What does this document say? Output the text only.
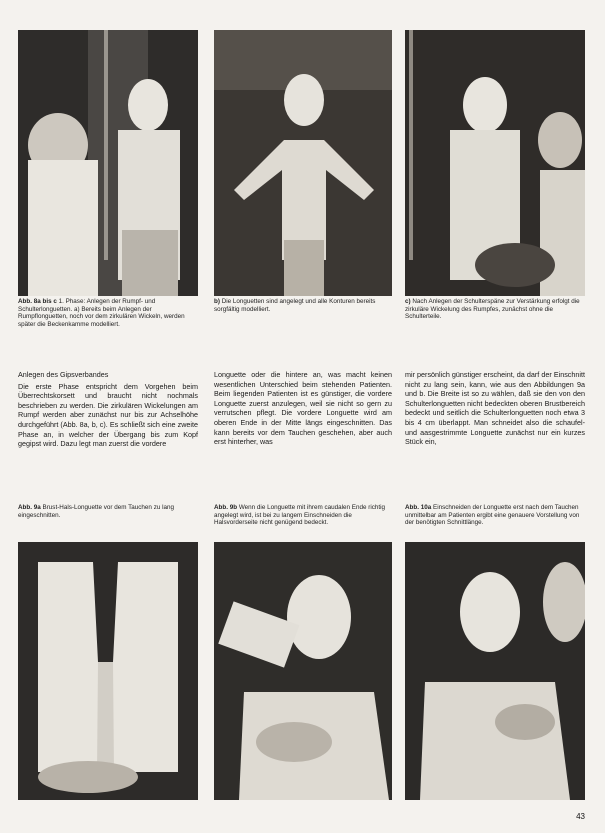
Abb. 8a bis c 1. Phase: Anlegen der Rumpf- und Schulterlonguetten. a) Bereits beim Anlegen der Rumpflonguetten, noch vor dem zirkulären Wickeln, werden später die Beckenkamme modelliert.
b) Die Longuetten sind angelegt und alle Konturen bereits sorgfältig modelliert.
c) Nach Anlegen der Schulterspäne zur Verstärkung erfolgt die zirkuläre Wickelung des Rumpfes, zunächst ohne die Schulterteile.
Anlegen des Gipsverbandes

Die erste Phase entspricht dem Vorgehen beim Überrechtskorsett und braucht nicht nochmals beschrieben zu werden. Die zirkulären Wickelungen am Rumpf werden aber zunächst nur bis zur Achselhöhe durchgeführt (Abb. 8a, b, c). Es schließt sich eine zweite Phase an, in welcher der Übergang bis zum Kopf gegipst wird. Dazu legt man zuerst die vordere

Longuette oder die hintere an, was macht keinen wesentlichen Unterschied beim stehenden Patienten. Beim liegenden Patienten ist es günstiger, die vordere Longuette zuerst anzulegen, weil sie nicht so gern zu verrutschen pflegt. Die vordere Longuette wird am oberen Ende in der Mitte längs eingeschnitten. Das kann bereits vor dem Tauchen geschehen, aber auch erst hinterher, was

mir persönlich günstiger erscheint, da darf der Einschnitt nicht zu lang sein, kann, wie aus den Abbildungen 9a und b. Die Breite ist so zu wählen, daß sie den von den Schulterlonguetten nicht bedeckten oberen Brustbereich bedeckt und seitlich die Schulterlonguetten noch etwa 3 bis 4 cm überlappt. Man schneidet also die schaufel- und aasgestrimmte Longuette zunächst nur ein kurzes Stück ein,

Abb. 9a Brust-Hals-Longuette vor dem Tauchen zu lang eingeschnitten.
Abb. 9b Wenn die Longuette mit ihrem caudalen Ende richtig angelegt wird, ist bei zu langem Einschneiden die Halsvorderseite nicht genügend bedeckt.
Abb. 10a Einschneiden der Longuette erst nach dem Tauchen unmittelbar am Patienten ergibt eine genauere Vorstellung von der benötigten Schnittlänge.
43
